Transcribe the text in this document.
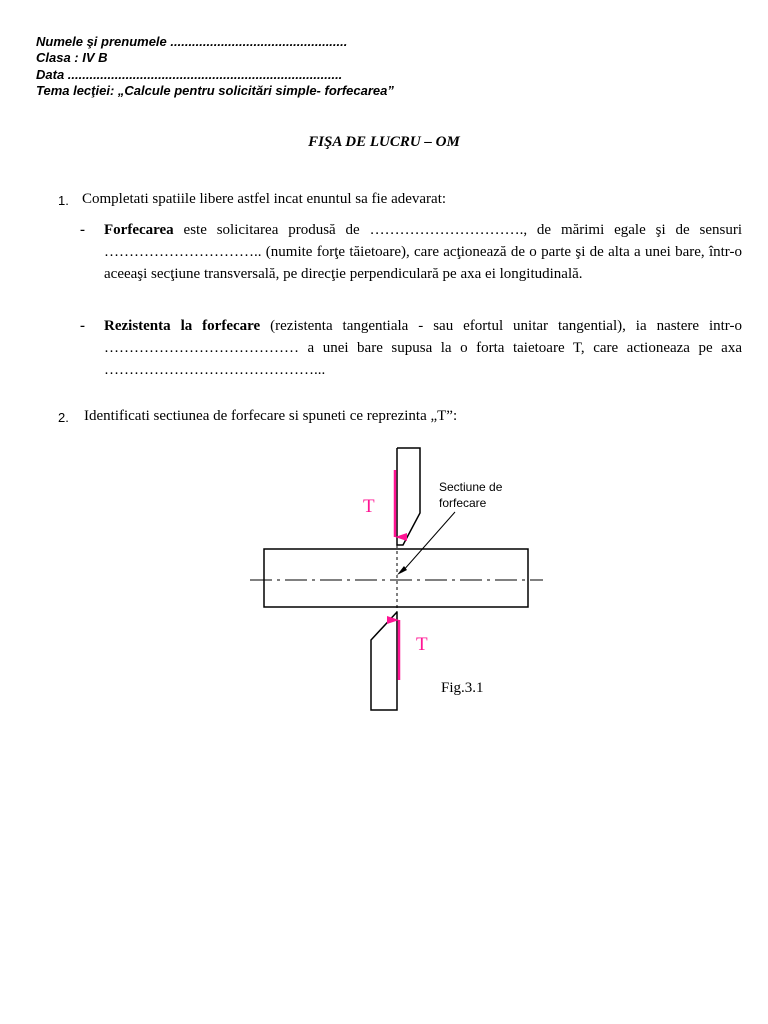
Numele şi prenumele .................................................
Clasa : IV B
Data ............................................................................
Tema lecţiei: „Calcule pentru solicitări simple- forfecarea”
FIŞA DE LUCRU – OM
1. Completati spatiile libere astfel incat enuntul sa fie adevarat:
- Forfecarea este solicitarea produsă de …………………………., de mărimi egale şi de sensuri ………………………….. (numite forţe tăietoare), care acţionează de o parte şi de alta a unei bare, într-o aceeaşi secţiune transversală, pe direcţie perpendiculară pe axa ei longitudinală.
- Rezistenta la forfecare (rezistenta tangentiala - sau efortul unitar tangential), ia nastere intr-o ………………………………… a unei bare supusa la o forta taietoare T, care actioneaza pe axa ……………………………………...
2. Identificati sectiunea de forfecare si spuneti ce reprezinta „T”:
T
T
Sectiune de
forfecare
Fig.3.1
